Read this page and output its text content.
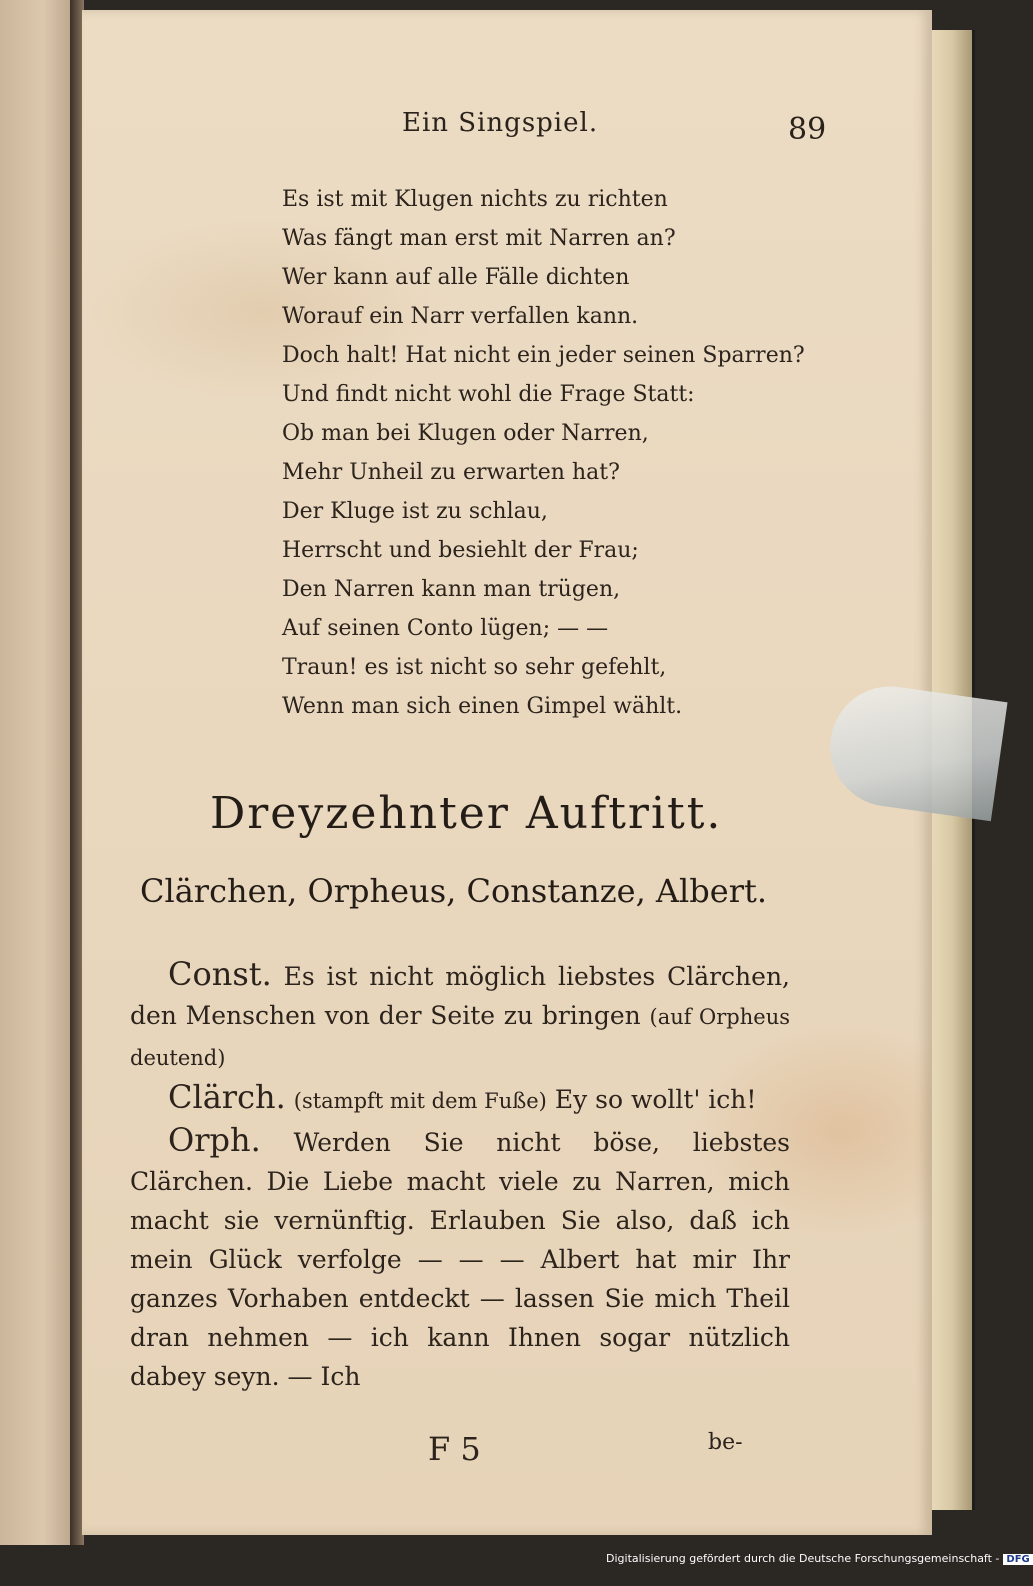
Ein Singspiel.	89
Es ist mit Klugen nichts zu richten
Was fängt man erst mit Narren an?
Wer kann auf alle Fälle dichten
Worauf ein Narr verfallen kann.
Doch halt! Hat nicht ein jeder seinen Sparren?
Und findt nicht wohl die Frage Statt:
Ob man bei Klugen oder Narren,
Mehr Unheil zu erwarten hat?
Der Kluge ist zu schlau,
Herrscht und besiehlt der Frau;
Den Narren kann man trügen,
Auf seinen Conto lügen; — —
Traun! es ist nicht so sehr gefehlt,
Wenn man sich einen Gimpel wählt.
Dreyzehnter Auftritt.
Clärchen, Orpheus, Constanze, Albert.

Const. Es ist nicht möglich liebstes Clärchen, den Menschen von der Seite zu bringen (auf Orpheus deutend)

Clärch. (stampft mit dem Fuße) Ey so wollt' ich!

Orph. Werden Sie nicht böse, liebstes Clärchen. Die Liebe macht viele zu Narren, mich macht sie vernünftig. Erlauben Sie also, daß ich mein Glück verfolge — — — Albert hat mir Ihr ganzes Vorhaben entdeckt — lassen Sie mich Theil dran nehmen — ich kann Ihnen sogar nützlich dabey seyn. — Ich

F 5	be-
Digitalisierung gefördert durch die Deutsche Forschungsgemeinschaft - DFG
